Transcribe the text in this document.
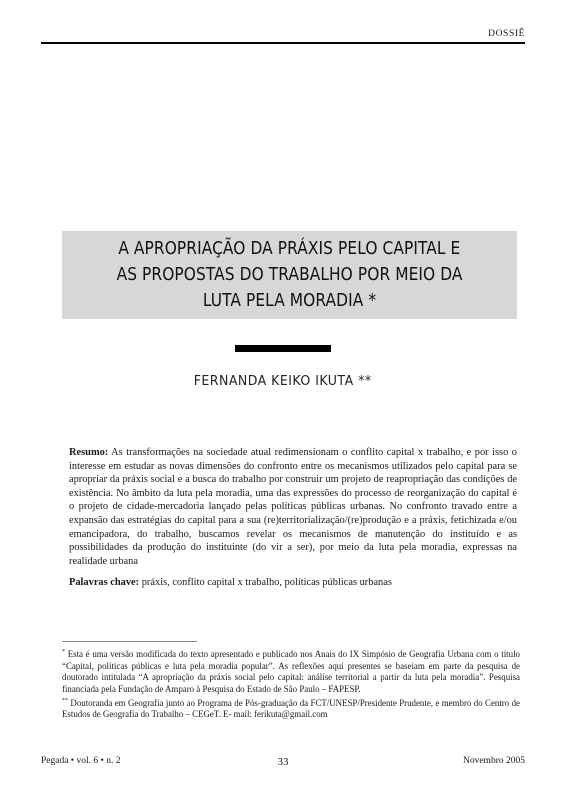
DOSSIÊ
A APROPRIAÇÃO DA PRÁXIS PELO CAPITAL E
AS PROPOSTAS DO TRABALHO POR MEIO DA
LUTA PELA MORADIA *
FERNANDA KEIKO IKUTA **
Resumo: As transformações na sociedade atual redimensionam o conflito capital x trabalho, e por isso o interesse em estudar as novas dimensões do confronto entre os mecanismos utilizados pelo capital para se apropriar da práxis social e a busca do trabalho por construir um projeto de reapropriação das condições de existência. No âmbito da luta pela moradia, uma das expressões do processo de reorganização do capital é o projeto de cidade-mercadoria lançado pelas políticas públicas urbanas. No confronto travado entre a expansão das estratégias do capital para a sua (re)territorialização/(re)produção e a práxis, fetichizada e/ou emancipadora, do trabalho, buscamos revelar os mecanismos de manutenção do instituído e as possibilidades da produção do instituinte (do vir a ser), por meio da luta pela moradia, expressas na realidade urbana
Palavras chave: práxis, conflito capital x trabalho, políticas públicas urbanas

* Esta é uma versão modificada do texto apresentado e publicado nos Anais do IX Simpósio de Geografia Urbana com o título “Capital, políticas públicas e luta pela moradia popular”. As reflexões aqui presentes se baseiam em parte da pesquisa de doutorado intitulada “A apropriação da práxis social pelo capital: análise territorial a partir da luta pela moradia”. Pesquisa financiada pela Fundação de Amparo à Pesquisa do Estado de São Paulo – FAPESP.

** Doutoranda em Geografia junto ao Programa de Pós-graduação da FCT/UNESP/Presidente Prudente, e membro do Centro de Estudos de Geografia do Trabalho – CEGeT. E- mail: ferikuta@gmail.com

Pegada • vol. 6 • n. 2	33	Novembro 2005
